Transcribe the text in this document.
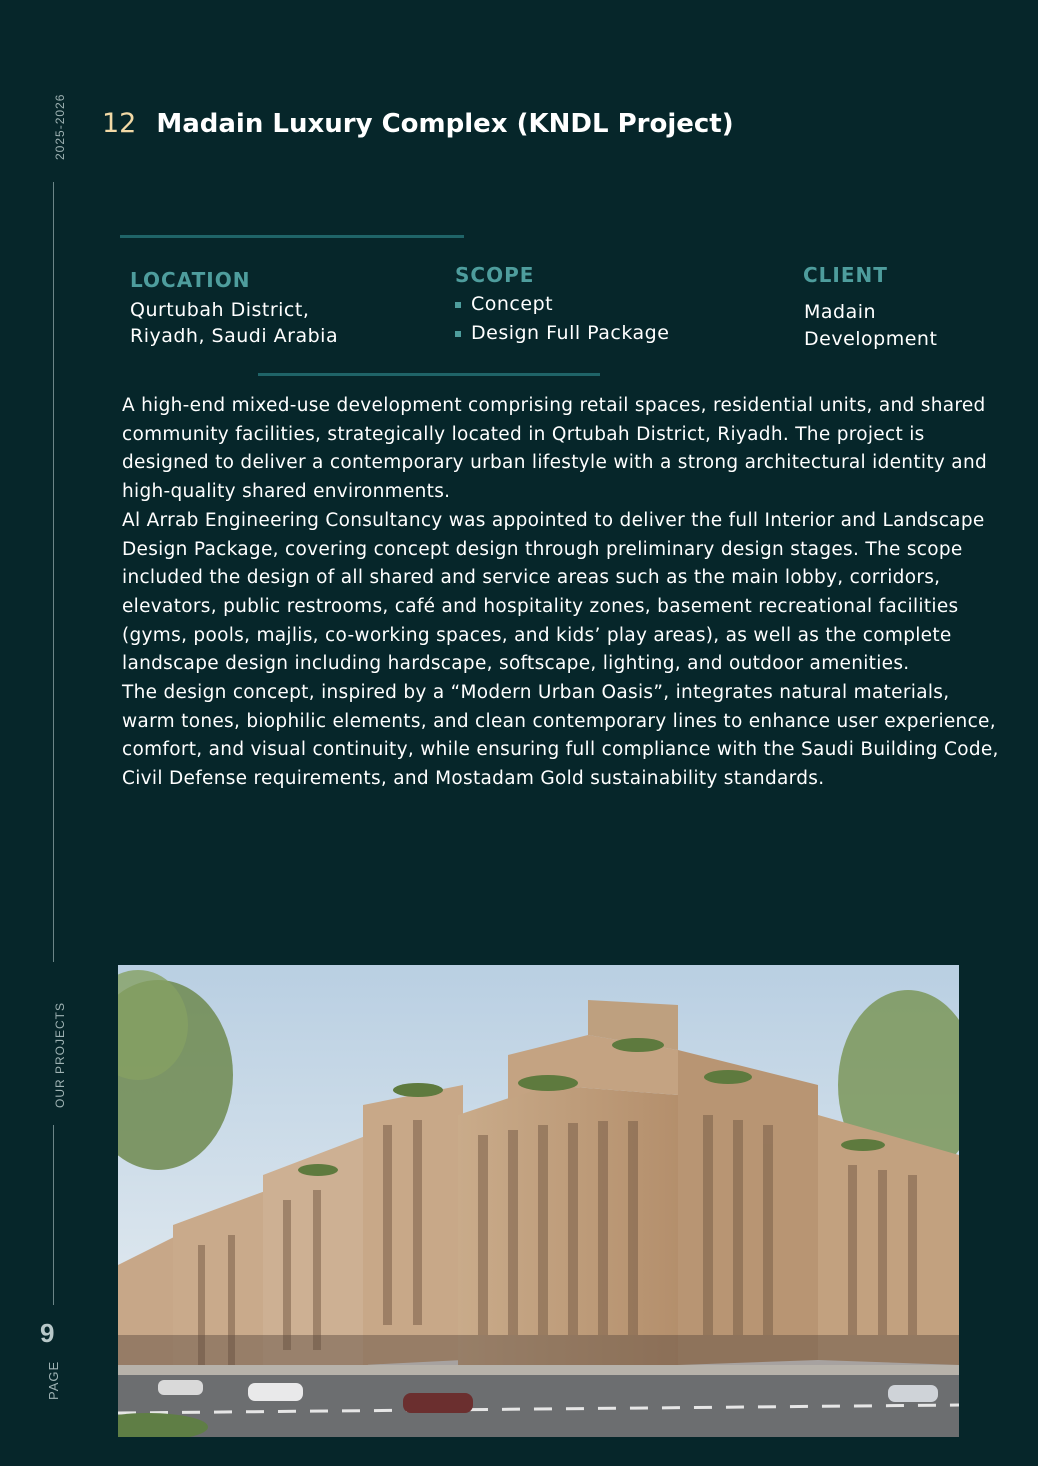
2025-2026
OUR PROJECTS
9
PAGE
12 Madain Luxury Complex (KNDL Project)
LOCATION
Qurtubah District,
Riyadh, Saudi Arabia
SCOPE
Concept
Design Full Package
CLIENT
Madain
Development

A high-end mixed-use development comprising retail spaces, residential units, and shared community facilities, strategically located in Qrtubah District, Riyadh. The project is designed to deliver a contemporary urban lifestyle with a strong architectural identity and high-quality shared environments.

Al Arrab Engineering Consultancy was appointed to deliver the full Interior and Landscape Design Package, covering concept design through preliminary design stages. The scope included the design of all shared and service areas such as the main lobby, corridors, elevators, public restrooms, café and hospitality zones, basement recreational facilities (gyms, pools, majlis, co-working spaces, and kids’ play areas), as well as the complete landscape design including hardscape, softscape, lighting, and outdoor amenities.

The design concept, inspired by a “Modern Urban Oasis”, integrates natural materials, warm tones, biophilic elements, and clean contemporary lines to enhance user experience, comfort, and visual continuity, while ensuring full compliance with the Saudi Building Code, Civil Defense requirements, and Mostadam Gold sustainability standards.
